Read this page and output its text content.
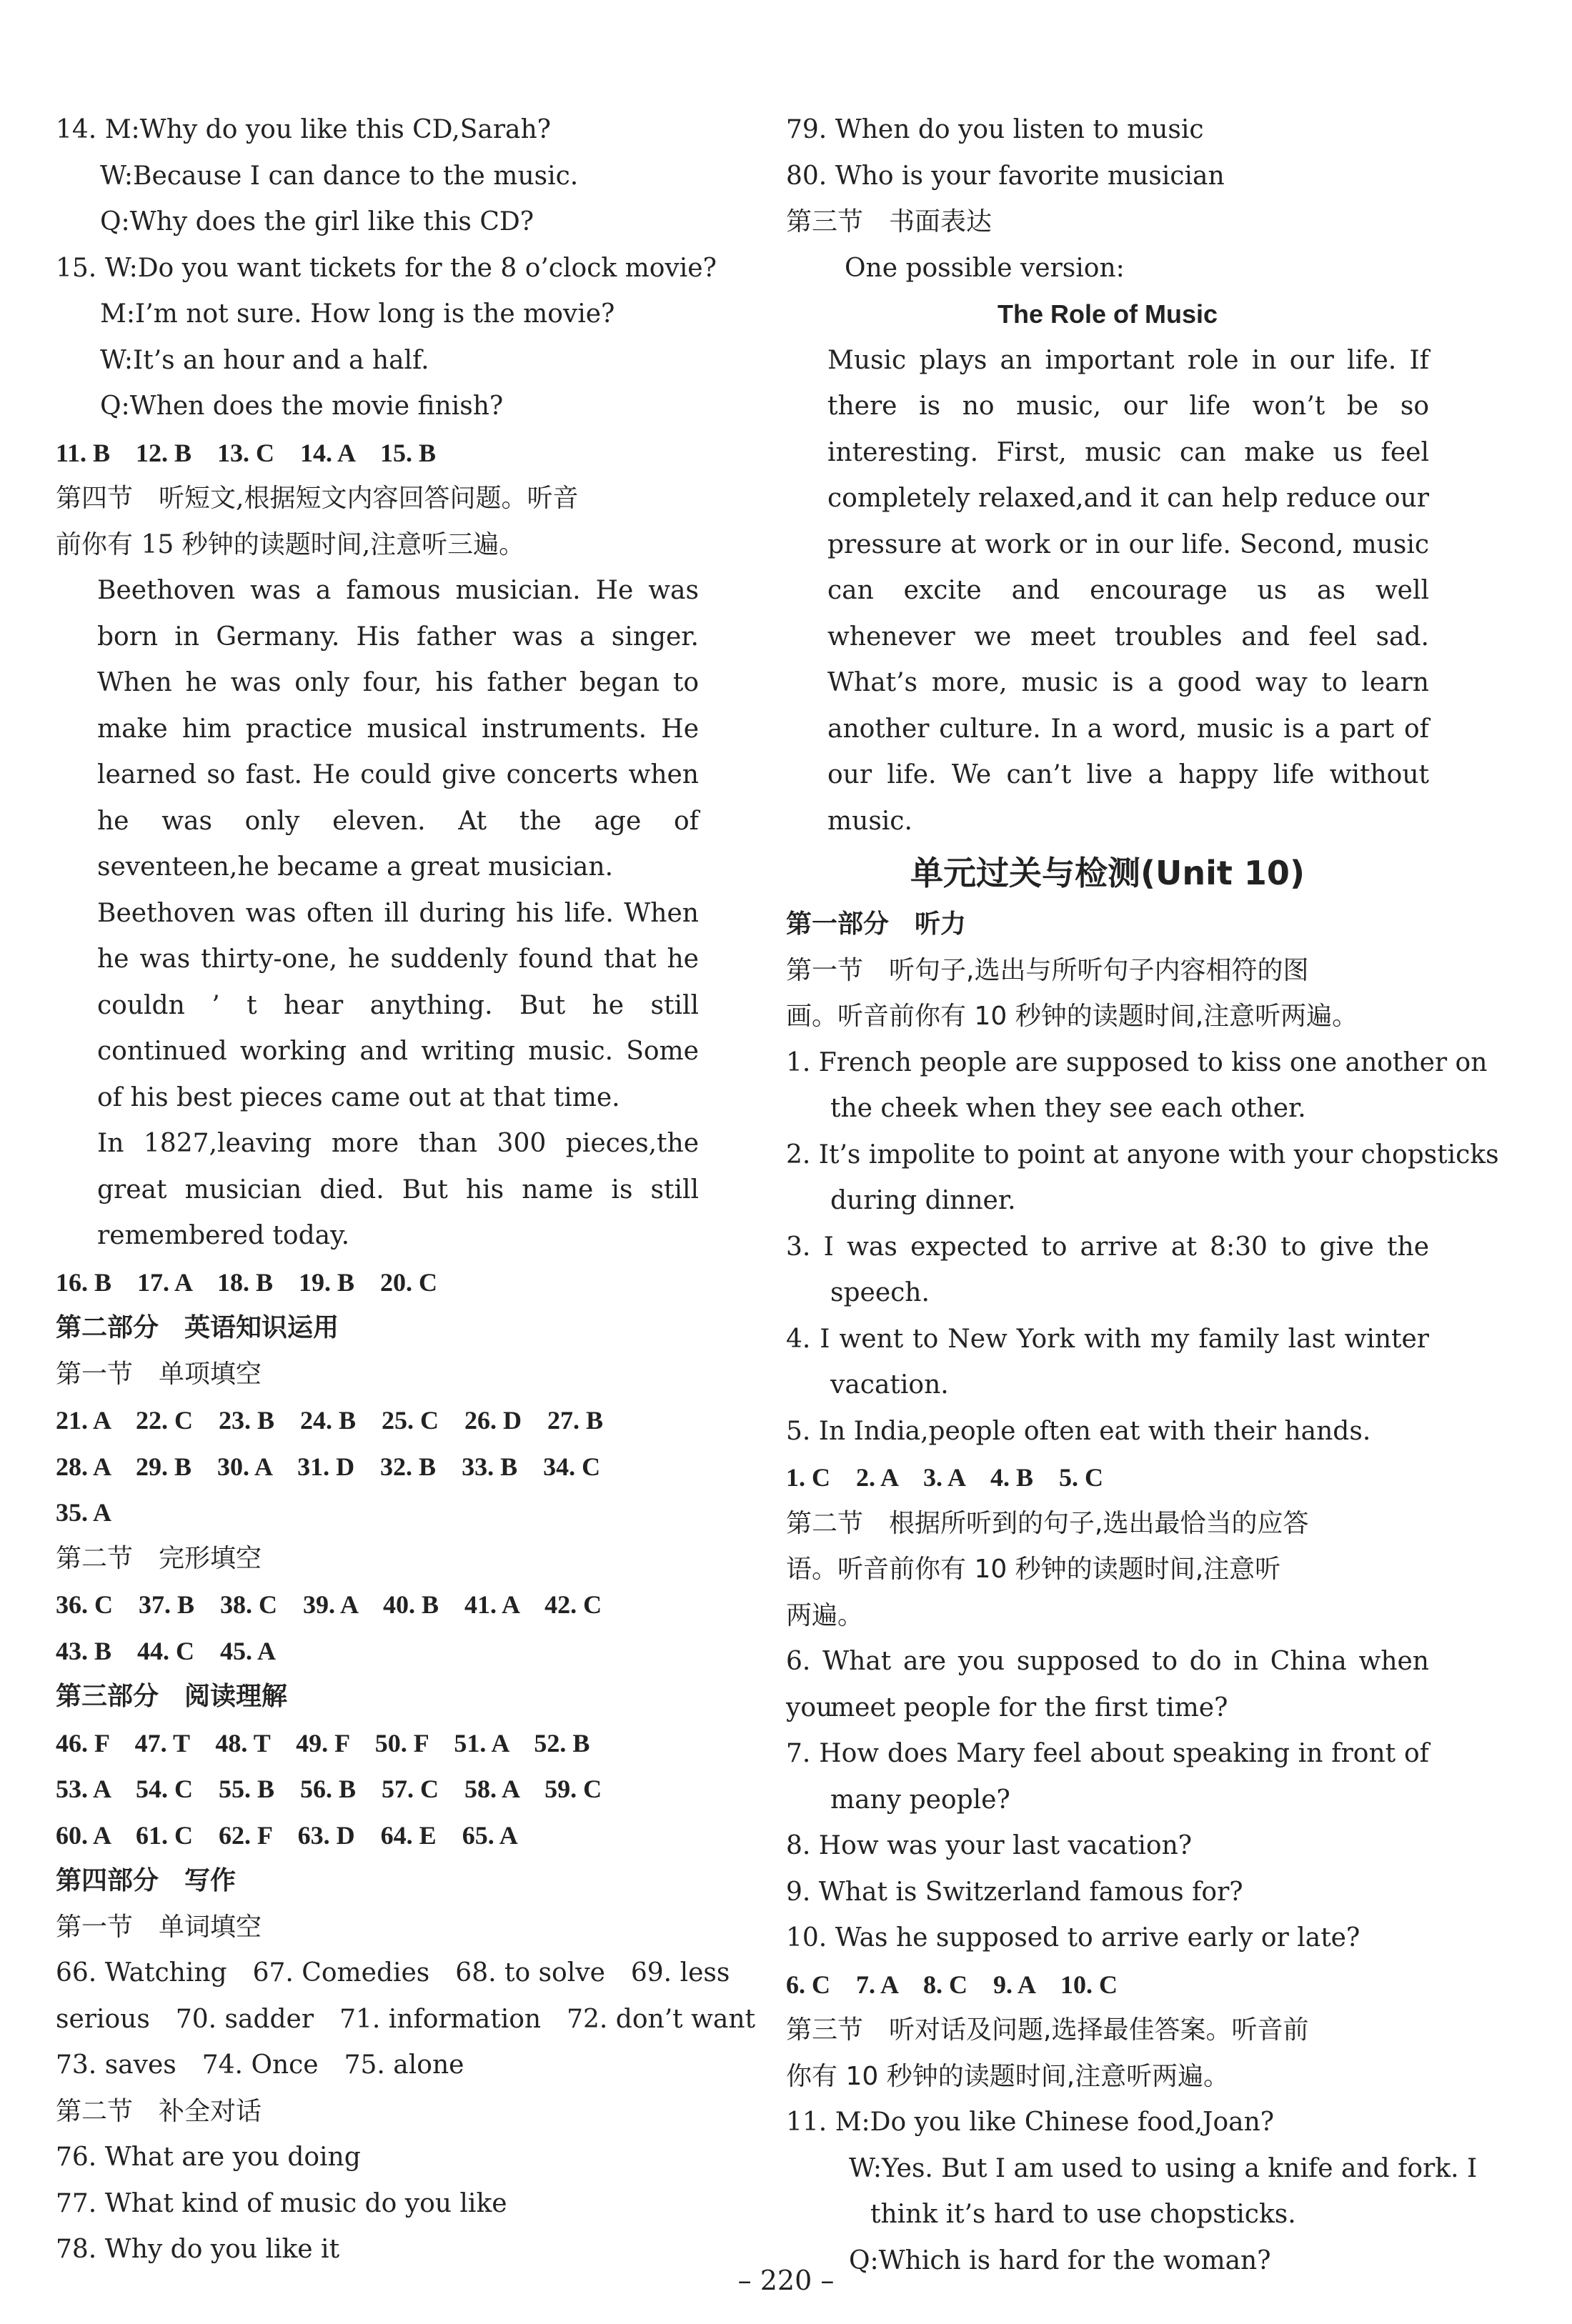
14. M:Why do you like this CD,Sarah?
W:Because I can dance to the music.
Q:Why does the girl like this CD?
15. W:Do you want tickets for the 8 o’clock movie?
M:I’m not sure. How long is the movie?
W:It’s an hour and a half.
Q:When does the movie finish?
11. B　12. B　13. C　14. A　15. B
第四节　听短文,根据短文内容回答问题。听音
前你有 15 秒钟的读题时间,注意听三遍。
Beethoven was a famous musician. He was born in Germany. His father was a singer. When he was only four, his father began to make him practice musical instruments. He learned so fast. He could give concerts when he was only eleven. At the age of seventeen,he became a great musician.
Beethoven was often ill during his life. When he was thirty-one, he suddenly found that he couldn ’ t hear anything. But he still continued working and writing music. Some of his best pieces came out at that time.
In 1827,leaving more than 300 pieces,the great musician died. But his name is still remembered today.
16. B　17. A　18. B　19. B　20. C
第二部分　英语知识运用
第一节　单项填空
21. A　22. C　23. B　24. B　25. C　26. D　27. B
28. A　29. B　30. A　31. D　32. B　33. B　34. C
35. A
第二节　完形填空
36. C　37. B　38. C　39. A　40. B　41. A　42. C
43. B　44. C　45. A
第三部分　阅读理解
46. F　47. T　48. T　49. F　50. F　51. A　52. B
53. A　54. C　55. B　56. B　57. C　58. A　59. C
60. A　61. C　62. F　63. D　64. E　65. A
第四部分　写作
第一节　单词填空
66. Watching　67. Comedies　68. to solve　69. less
serious　70. sadder　71. information　72. don’t want
73. saves　74. Once　75. alone
第二节　补全对话
76. What are you doing
77. What kind of music do you like
78. Why do you like it
79. When do you listen to music
80. Who is your favorite musician
第三节　书面表达
One possible version:
The Role of Music
Music plays an important role in our life. If there is no music, our life won’t be so interesting. First, music can make us feel completely relaxed,and it can help reduce our pressure at work or in our life. Second, music can excite and encourage us as well whenever we meet troubles and feel sad. What’s more, music is a good way to learn another culture. In a word, music is a part of our life. We can’t live a happy life without music.
单元过关与检测(Unit 10)
第一部分　听力
第一节　听句子,选出与所听句子内容相符的图
画。听音前你有 10 秒钟的读题时间,注意听两遍。
1. French people are supposed to kiss one another on
the cheek when they see each other.
2. It’s impolite to point at anyone with your chopsticks
during dinner.
3. I was expected to arrive at 8:30 to give the
speech.
4. I went to New York with my family last winter
vacation.
5. In India,people often eat with their hands.
1. C　2. A　3. A　4. B　5. C
第二节　根据所听到的句子,选出最恰当的应答
语。听音前你有 10 秒钟的读题时间,注意听
两遍。
6. What are you supposed to do in China when you
meet people for the first time?
7. How does Mary feel about speaking in front of
many people?
8. How was your last vacation?
9. What is Switzerland famous for?
10. Was he supposed to arrive early or late?
6. C　7. A　8. C　9. A　10. C
第三节　听对话及问题,选择最佳答案。听音前
你有 10 秒钟的读题时间,注意听两遍。
11. M:Do you like Chinese food,Joan?
W:Yes. But I am used to using a knife and fork. I
think it’s hard to use chopsticks.
Q:Which is hard for the woman?
– 220 –
